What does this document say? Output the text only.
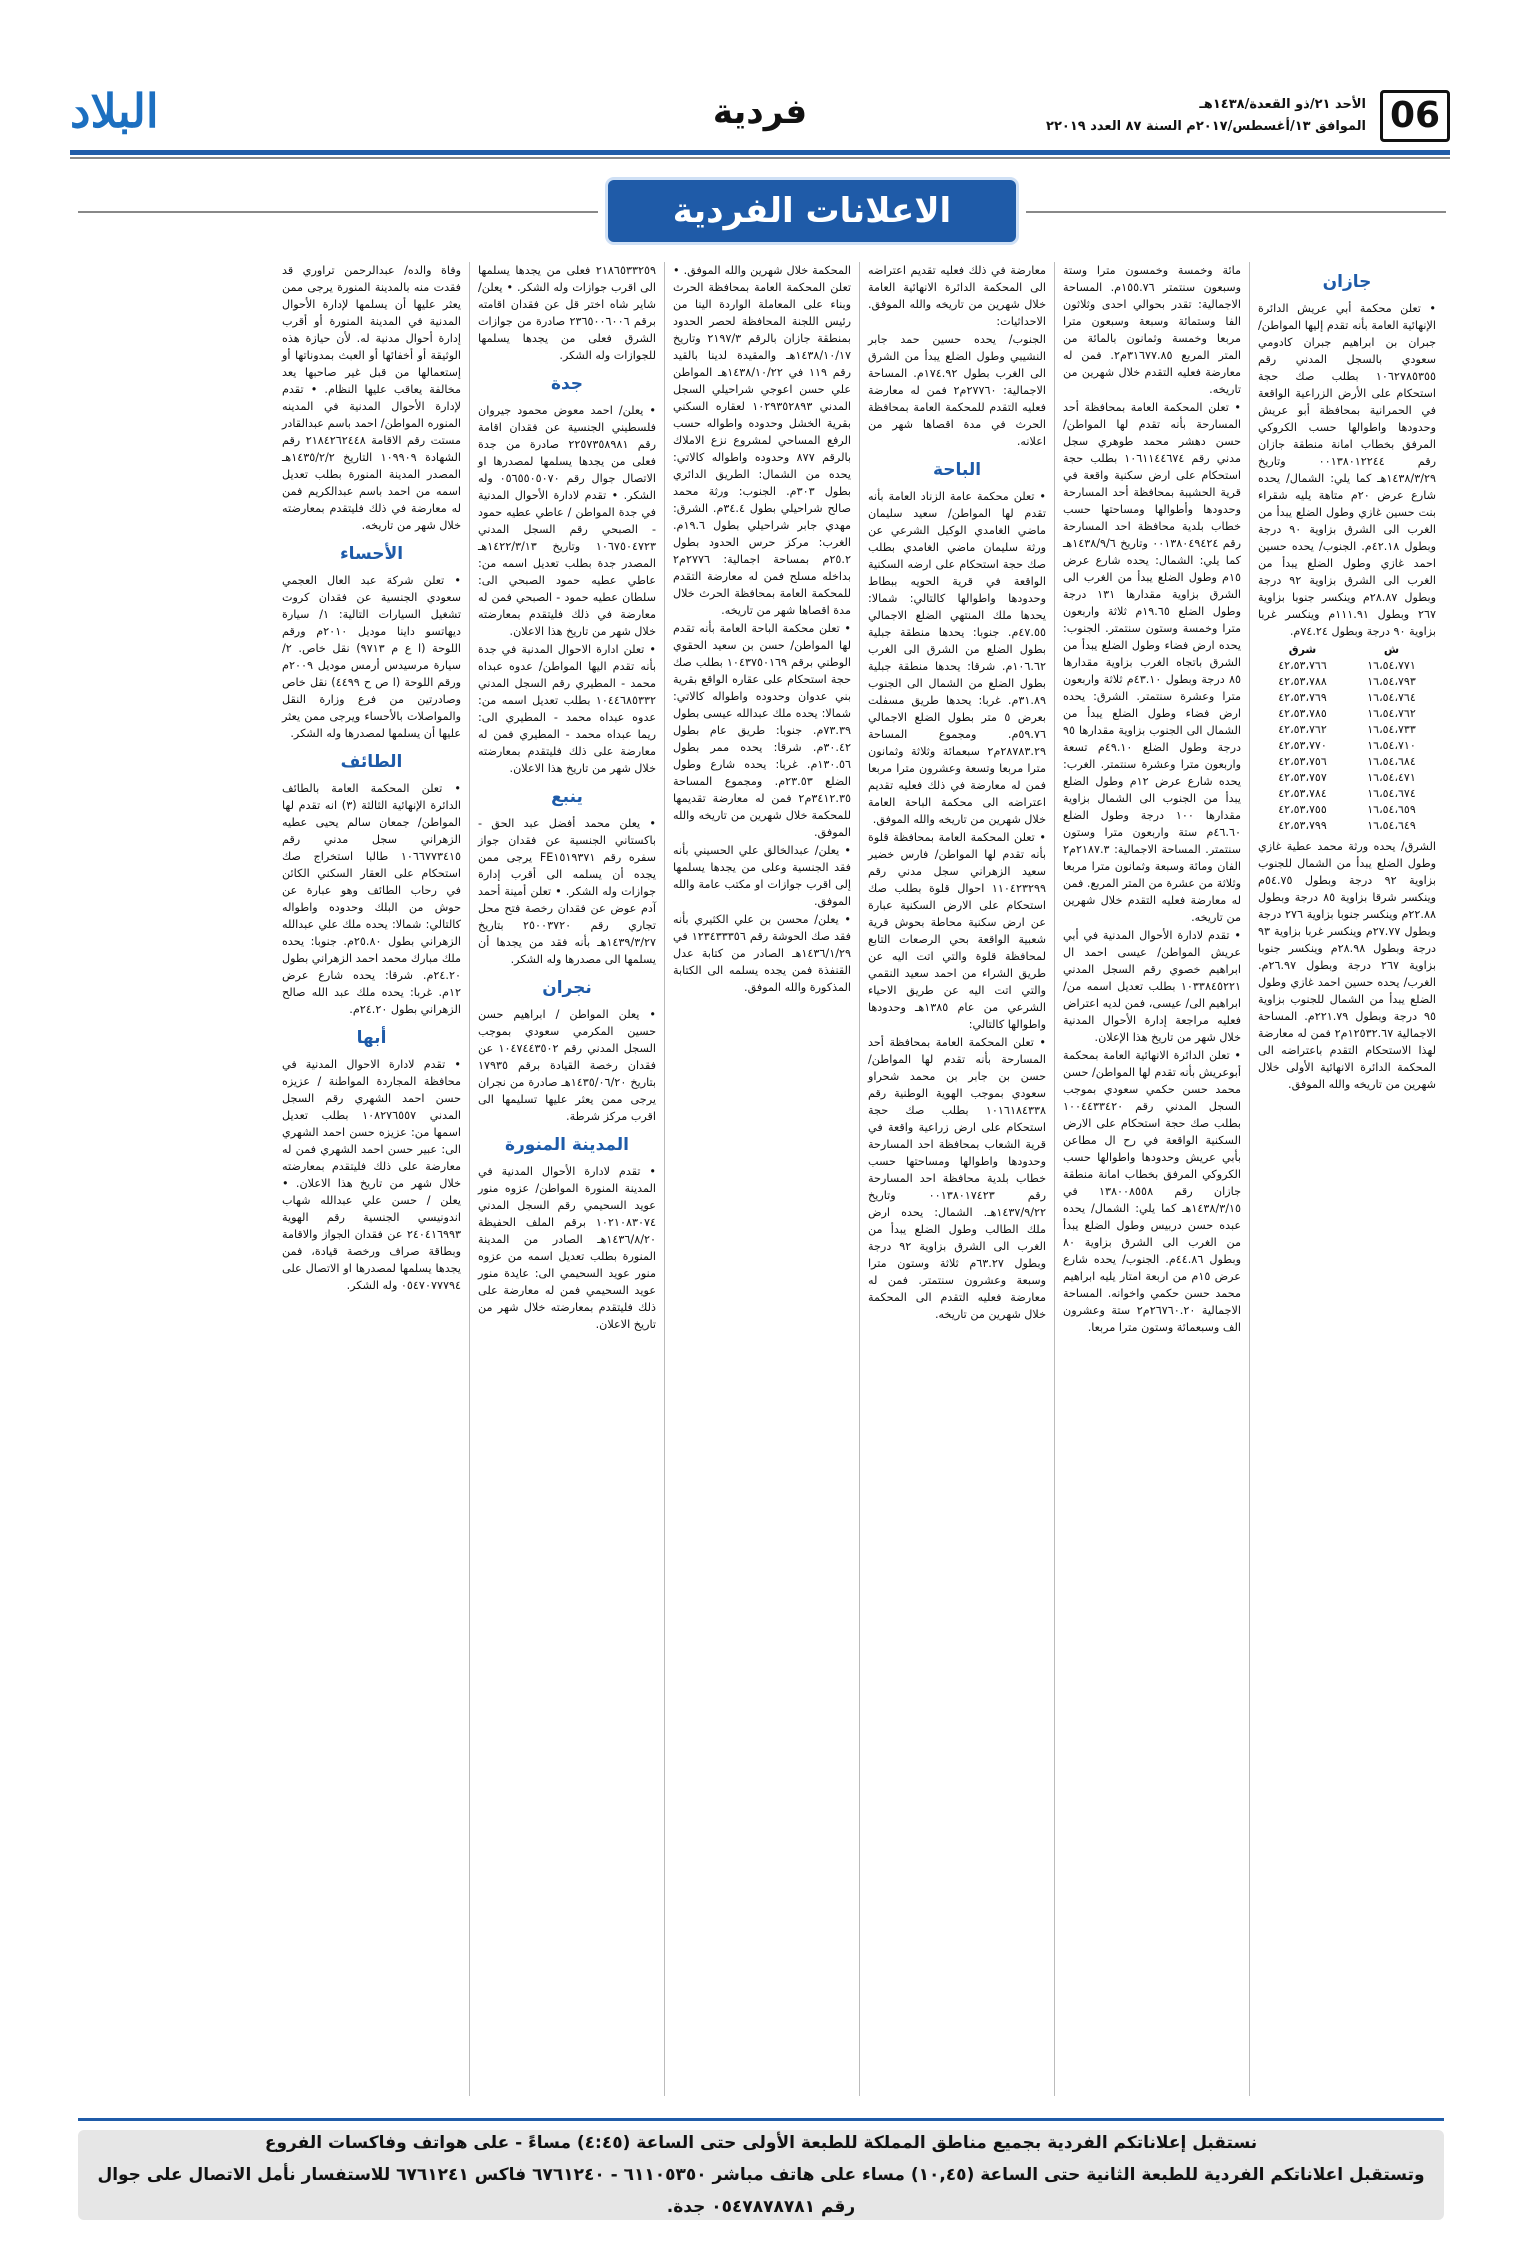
06
الأحد ٢١/ذو القعدة/١٤٣٨هـ
الموافق ١٣/أغسطس/٢٠١٧م السنة ٨٧ العدد ٢٢٠١٩
فردية
البلاد
الاعلانات الفردية
جازان

• تعلن محكمة أبي عريش الدائرة الإنهائية العامة بأنه تقدم إليها المواطن/ جبران بن ابراهيم جبران كادومي سعودي بالسجل المدني رقم ١٠٦٢٧٨٥٣٥٥ بطلب صك حجة استحكام على الأرض الزراعية الواقعة في الحمرانية بمحافظة أبو عريش وحدودها واطوالها حسب الكروكي المرفق بخطاب امانة منطقة جازان رقم ٠٠١٣٨٠١٢٢٤٤ وتاريخ ١٤٣٨/٣/٢٩هـ كما يلي: الشمال/ يحده شارع عرض ٢٠م متاهة يليه شقراء بنت حسين غازي وطول الضلع يبدأ من الغرب الى الشرق بزاوية ٩٠ درجة وبطول ٤٢.١٨م. الجنوب/ يحده حسين احمد غازي وطول الضلع يبدأ من الغرب الى الشرق بزاوية ٩٢ درجة وبطول ٢٨.٨٧م وينكسر جنوبا بزاوية ٢٦٧ وبطول ١١١.٩١م وينكسر غربا بزاوية ٩٠ درجة وبطول ٧٤.٢٤م.

شرق	ش
٤٢،٥٣،٧٦٦	١٦،٥٤،٧٧١
٤٢،٥٣،٧٨٨	١٦،٥٤،٧٩٣
٤٢،٥٣،٧٦٩	١٦،٥٤،٧٦٤
٤٢،٥٣،٧٨٥	١٦،٥٤،٧٦٢
٤٢،٥٣،٧٦٢	١٦،٥٤،٧٣٣
٤٢،٥٣،٧٧٠	١٦،٥٤،٧١٠
٤٢،٥٣،٧٥٦	١٦،٥٤،٦٨٤
٤٢،٥٣،٧٥٧	١٦،٥٤،٤٧١
٤٢،٥٣،٧٨٤	١٦،٥٤،٦٧٤
٤٢،٥٣،٧٥٥	١٦،٥٤،٦٥٩
٤٢،٥٣،٧٩٩	١٦،٥٤،٦٤٩

الشرق/ يحده ورثة محمد عطية غازي وطول الضلع يبدأ من الشمال للجنوب بزاوية ٩٢ درجة وبطول ٥٤.٧٥م وينكسر شرقا بزاوية ٨٥ درجة وبطول ٢٢.٨٨م وينكسر جنوبا بزاوية ٢٧٦ درجة وبطول ٢٧.٧٧م وينكسر غربا بزاوية ٩٣ درجة وبطول ٢٨.٩٨م وينكسر جنوبا بزاوية ٢٦٧ درجة وبطول ٢٦.٩٧م. الغرب/ يحده حسين احمد غازي وطول الضلع يبدأ من الشمال للجنوب بزاوية ٩٥ درجة وبطول ٢٢١.٧٩م. المساحة الاجمالية ١٢٥٣٢.٦٧م٢ فمن له معارضة لهذا الاستحكام التقدم باعتراضه الى المحكمة الدائرة الانهائية الأولى خلال شهرين من تاريخه والله الموفق.

مائة وخمسة وخمسون مترا وستة وسبعون سنتمتر ١٥٥.٧٦م. المساحة الاجمالية: تقدر بحوالي احدى وثلاثون الفا وستمائة وسبعة وسبعون مترا مربعا وخمسة وثمانون بالمائة من المتر المربع ٣١٦٧٧.٨٥م٢. فمن له معارضة فعليه التقدم خلال شهرين من تاريخه.

• تعلن المحكمة العامة بمحافظة أحد المسارحة بأنه تقدم لها المواطن/ حسن دهشر محمد طوهري سجل مدني رقم ١٠٦١١٤٤٦٧٤ بطلب حجة استحكام على ارض سكنية واقعة في قرية الحشيبة بمحافظة أحد المسارحة وحدودها وأطوالها ومساحتها حسب خطاب بلدية محافظة احد المسارحة رقم ٠٠١٣٨٠٤٩٤٢٤ وتاريخ ١٤٣٨/٩/٦هـ كما يلي: الشمال: يحده شارع عرض ١٥م وطول الضلع يبدأ من الغرب الى الشرق بزاوية مقدارها ١٣١ درجة وطول الضلع ١٩.٦٥م ثلاثة واربعون مترا وخمسة وستون سنتمتر. الجنوب: يحده ارض فضاء وطول الضلع يبدأ من الشرق باتجاه الغرب بزاوية مقدارها ٨٥ درجة وبطول ٤٣.١٠م ثلاثة واربعون مترا وعشرة سنتمتر. الشرق: يحده ارض فضاء وطول الضلع يبدأ من الشمال الى الجنوب بزاوية مقدارها ٩٥ درجة وطول الضلع ٤٩.١٠م تسعة واربعون مترا وعشرة سنتمتر. الغرب: يحده شارع عرض ١٢م وطول الضلع يبدأ من الجنوب الى الشمال بزاوية مقدارها ١٠٠ درجة وطول الضلع ٤٦.٦٠م ستة واربعون مترا وستون سنتمتر. المساحة الاجمالية: ٢١٨٧.٣م٢ الفان ومائة وسبعة وثمانون مترا مربعا وثلاثة من عشرة من المتر المربع. فمن له معارضة فعليه التقدم خلال شهرين من تاريخه.

• تقدم لادارة الأحوال المدنية في أبي عريش المواطن/ عيسى احمد ال ابراهيم خصوي رقم السجل المدني ١٠٣٣٨٤٥٢٢١ بطلب تعديل اسمه من/ ابراهيم الى/ عيسى، فمن لديه اعتراض فعليه مراجعة إدارة الأحوال المدنية خلال شهر من تاريخ هذا الإعلان.

• تعلن الدائرة الانهائية العامة بمحكمة أبوعريش بأنه تقدم لها المواطن/ حسن محمد حسن حكمي سعودي بموجب السجل المدني رقم ١٠٠٤٤٣٣٤٢٠ بطلب صك حجة استحكام على الارض السكنية الواقعة في رح ال مطاعن بأبي عريش وحدودها واطوالها حسب الكروكي المرفق بخطاب امانة منطقة جازان رقم ١٣٨٠٠٨٥٥٨ في ١٤٣٨/٣/١٥هـ كما يلي: الشمال/ يحده عبده حسن دربيس وطول الضلع يبدأ من الغرب الى الشرق بزاوية ٨٠ وبطول ٤٤.٨٦م. الجنوب/ يحده شارع عرض ١٥م من اربعة امتار يليه ابراهيم محمد حسن حكمي واخوانه. المساحة الاجمالية ٢٦٧٦٠.٢٠م٢ ستة وعشرون الف وسبعمائة وستون مترا مربعا.

معارضة في ذلك فعليه تقديم اعتراضه الى المحكمة الدائرة الانهائية العامة خلال شهرين من تاريخه والله الموفق. الاحداثيات:

الجنوب/ يحده حسين حمد جابر النشيبي وطول الضلع يبدأ من الشرق الى الغرب بطول ١٧٤.٩٢م. المساحة الاجمالية: ٢٧٧٦٠م٢ فمن له معارضة فعليه التقدم للمحكمة العامة بمحافظة الحرث في مدة اقصاها شهر من اعلانه.

الباحة

• تعلن محكمة عامة الزناد العامة بأنه تقدم لها المواطن/ سعيد سليمان ماضي الغامدي الوكيل الشرعي عن ورثة سليمان ماضي الغامدي بطلب صك حجة استحكام على ارضه السكنية الواقعة في قرية الحويه ببطاط وحدودها واطوالها كالتالي: شمالا: يحدها ملك المنتهي الضلع الاجمالي ٤٧.٥٥م. جنوبا: يحدها منطقة جبلية بطول الضلع من الشرق الى الغرب ١٠٦.٦٢م. شرقا: يحدها منطقة جبلية بطول الضلع من الشمال الى الجنوب ٣١.٨٩م. غربا: يحدها طريق مسفلت بعرض ٥ متر بطول الضلع الاجمالي ٥٩.٧٦م. ومجموع المساحة ٢٨٧٨٣.٢٩م٢ سبعمائة وثلاثة وثمانون مترا مربعا وتسعة وعشرون مترا مربعا فمن له معارضة في ذلك فعليه تقديم اعتراضه الى محكمة الباحة العامة خلال شهرين من تاريخه والله الموفق.

• تعلن المحكمة العامة بمحافظة قلوة بأنه تقدم لها المواطن/ فارس خضير سعيد الزهراني سجل مدني رقم ١١٠٤٢٣٢٩٩ احوال قلوة بطلب صك استحكام على الارض السكنية عبارة عن ارض سكنية محاطة بحوش قرية شعبية الواقعة بحي الرصعات التابع لمحافظة قلوة والتي اتت اليه عن طريق الشراء من احمد سعيد النقمي والتي اتت اليه عن طريق الاحياء الشرعي من عام ١٣٨٥هـ وحدودها واطوالها كالتالي:

• تعلن المحكمة العامة بمحافظة أحد المسارحة بأنه تقدم لها المواطن/ حسن بن جابر بن محمد شحراو سعودي بموجب الهوية الوطنية رقم ١٠١٦١٨٤٣٣٨ بطلب صك حجة استحكام على ارض زراعية واقعة في قرية الشعاب بمحافظة احد المسارحة وحدودها واطوالها ومساحتها حسب خطاب بلدية محافظة احد المسارحة رقم ٠٠١٣٨٠١٧٤٢٣ وتاريخ ١٤٣٧/٩/٢٢هـ. الشمال: يحده ارض ملك الطالب وطول الضلع يبدأ من الغرب الى الشرق بزاوية ٩٢ درجة وبطول ٦٣.٢٧م ثلاثة وستون مترا وسبعة وعشرون سنتمتر. فمن له معارضة فعليه التقدم الى المحكمة خلال شهرين من تاريخه.

المحكمة خلال شهرين والله الموفق. • تعلن المحكمة العامة بمحافظة الحرث وبناء على المعاملة الواردة الينا من رئيس اللجنة المحافظة لحصر الحدود بمنطقة جازان بالرقم ٢١٩٧/٣ وتاريخ ١٤٣٨/١٠/١٧هـ والمقيدة لدينا بالقيد رقم ١١٩ في ١٤٣٨/١٠/٢٢هـ المواطن علي حسن اعوجي شراحيلي السجل المدني ١٠٢٩٣٥٢٨٩٣ لعقاره السكني بقرية الخشل وحدوده واطواله حسب الرفع المساحي لمشروع نزع الاملاك بالرقم ٨٧٧ وحدوده واطواله كالاتي: يحده من الشمال: الطريق الدائري بطول ٣٠٣م. الجنوب: ورثة محمد صالح شراحيلي بطول ٣٤.٤م. الشرق: مهدي جابر شراحيلي بطول ١٩.٦م. الغرب: مركز حرس الحدود بطول ٢٥.٢م بمساحة اجمالية: ٢٧٧٦م٢ بداخله مسلح فمن له معارضة التقدم للمحكمة العامة بمحافظة الحرث خلال مدة اقصاها شهر من تاريخه.

• تعلن محكمة الباحة العامة بأنه تقدم لها المواطن/ حسن بن سعيد الحقوي الوطني برقم ١٠٤٣٧٥٠١٦٩ بطلب صك حجة استحكام على عقاره الواقع بقرية بني عدوان وحدوده واطواله كالاتي: شمالا: يحده ملك عبدالله عيسى بطول ٧٣.٣٩م. جنوبا: طريق عام بطول ٣٠.٤٢م. شرقا: يحده ممر بطول ١٣٠.٥٦م. غربا: يحده شارع وطول الضلع ٢٣.٥٣م. ومجموع المساحة ٣٤١٢.٣٥م٢ فمن له معارضة تقديمها للمحكمة خلال شهرين من تاريخه والله الموفق.

• يعلن/ عبدالخالق علي الحسيني بأنه فقد الجنسية وعلى من يجدها يسلمها إلى اقرب جوازات او مكتب عامة والله الموفق.

• يعلن/ محسن بن علي الكثيري بأنه فقد صك الحوشة رقم ١٢٣٤٣٣٣٥٦ في ١٤٣٦/١/٢٩هـ الصادر من كتابة عدل القنفذة فمن يجده يسلمه الى الكتابة المذكورة والله الموفق.

٢١٨٦٥٣٣٢٥٩ فعلى من يجدها يسلمها الى اقرب جوازات وله الشكر. • يعلن/ شاير شاه اختر قل عن فقدان اقامته برقم ٢٣٦٥٠٠٦٠٠٦ صادرة من جوازات الشرق فعلى من يجدها يسلمها للجوازات وله الشكر.

جدة

• يعلن/ احمد معوض محمود جيروان فلسطيني الجنسية عن فقدان اقامة رقم ٢٢٥٧٣٥٨٩٨١ صادرة من جدة فعلى من يجدها يسلمها لمصدرها او الاتصال جوال رقم ٠٥٦٥٥٠٥٠٧٠ وله الشكر. • تقدم لادارة الأحوال المدنية في جدة المواطن / عاطي عطيه حمود - الصبحي رقم السجل المدني ١٠٦٧٥٠٤٧٢٣ وتاريخ ١٤٢٢/٣/١٣هـ المصدر جدة بطلب تعديل اسمه من: عاطي عطيه حمود الصبحي الى: سلطان عطيه حمود - الصبحي فمن له معارضة في ذلك فليتقدم بمعارضته خلال شهر من تاريخ هذا الاعلان.

• تعلن ادارة الاحوال المدنية في جدة بأنه تقدم اليها المواطن/ عدوه عبداه محمد - المطيري رقم السجل المدني ١٠٤٤٦٨٥٣٣٢ بطلب تعديل اسمه من: عدوه عبداه محمد - المطيري الى: ريما عبداه محمد - المطيري فمن له معارضة على ذلك فليتقدم بمعارضته خلال شهر من تاريخ هذا الاعلان.

ينبع

• يعلن محمد أفضل عبد الحق - باكستاني الجنسية عن فقدان جواز سفره رقم FE١٥١٩٣٧١ يرجى ممن يجده أن يسلمه الى أقرب إدارة جوازات وله الشكر. • تعلن أمينة أحمد آدم عوض عن فقدان رخصة فتح محل تجاري رقم ٢٥٠٠٣٧٢٠ بتاريخ ١٤٣٩/٣/٢٧هـ بأنه فقد من يجدها أن يسلمها الى مصدرها وله الشكر.

نجران

• يعلن المواطن / ابراهيم حسن حسين المكرمي سعودي بموجب السجل المدني رقم ١٠٤٧٤٤٣٥٠٢ عن فقدان رخصة القيادة برقم ١٧٩٣٥ بتاريخ ١٤٣٥/٠٦/٢٠هـ صادرة من نجران يرجى ممن يعثر عليها تسليمها الى اقرب مركز شرطة.

المدينة المنورة

• تقدم لادارة الأحوال المدنية في المدينة المنورة المواطن/ عزوه منور عويد السحيمي رقم السجل المدني ١٠٢١٠٨٣٠٧٤ برقم الملف الحفيظة ١٤٣٦/٨/٢٠هـ الصادر من المدينة المنورة بطلب تعديل اسمه من عزوه منور عويد السحيمي الى: عايدة منور عويد السحيمي فمن له معارضة على ذلك فليتقدم بمعارضته خلال شهر من تاريخ الاعلان.

وفاة والده/ عبدالرحمن تراوري قد فقدت منه بالمدينة المنورة يرجى ممن يعثر عليها أن يسلمها لإدارة الأحوال المدنية في المدينة المنورة أو أقرب إدارة أحوال مدنية له. لأن حيازة هذه الوثيقة أو أخفائها أو العبث بمدوناتها أو إستعمالها من قبل غير صاحبها يعد مخالفة يعاقب عليها النظام. • تقدم لإدارة الأحوال المدنية في المدينه المنوره المواطن/ احمد باسم عبدالقادر مستت رقم الاقامة ٢١٨٤٢٦٢٤٤٨ رقم الشهادة ١٠٩٩٠٩ التاريخ ١٤٣٥/٢/٢هـ المصدر المدينة المنورة بطلب تعديل اسمه من احمد باسم عبدالكريم فمن له معارضة في ذلك فليتقدم بمعارضته خلال شهر من تاريخه.

الأحساء

• تعلن شركة عبد العال العجمي سعودي الجنسية عن فقدان كروت تشغيل السيارات التالية: ١/ سيارة ديهاتسو داينا موديل ٢٠١٠م ورقم اللوحة (ا ع م ٩٧١٣) نقل خاص. ٢/ سيارة مرسيدس أرمس موديل ٢٠٠٩م ورقم اللوحة (ا ص ح ٤٤٩٩) نقل خاص وصادرتين من فرع وزارة النقل والمواصلات بالأحساء ويرجى ممن يعثر عليها أن يسلمها لمصدرها وله الشكر.

الطائف

• تعلن المحكمة العامة بالطائف الدائرة الإنهائية الثالثة (٣) انه تقدم لها المواطن/ جمعان سالم يحيى عطيه الزهراني سجل مدني رقم ١٠٦٦٧٧٣٤١٥ طالبا استخراج صك استحكام على العقار السكني الكائن في رحاب الطائف وهو عبارة عن حوش من البلك وحدوده واطواله كالتالي: شمالا: يحده ملك علي عبدالله الزهراني بطول ٢٥.٨٠م. جنوبا: يحده ملك مبارك محمد احمد الزهراني بطول ٢٤.٢٠م. شرقا: يحده شارع عرض ١٢م. غربا: يحده ملك عبد الله صالح الزهراني بطول ٢٤.٢٠م.

أبها

• تقدم لادارة الاحوال المدنية في محافظة المجاردة المواطنة / عزيزه حسن احمد الشهري رقم السجل المدني ١٠٨٢٧٦٥٥٧ بطلب تعديل اسمها من: عزيزه حسن احمد الشهري الى: عبير حسن احمد الشهري فمن له معارضة على ذلك فليتقدم بمعارضته خلال شهر من تاريخ هذا الاعلان. • يعلن / حسن علي عبدالله شهاب اندونيسي الجنسية رقم الهوية ٢٤٠٤١٦٩٩٣ عن فقدان الجواز والاقامة وبطاقة صراف ورخصة قيادة، فمن يجدها يسلمها لمصدرها او الاتصال على ٠٥٤٧٠٧٧٧٩٤ وله الشكر.

نستقبل إعلاناتكم الفردية بجميع مناطق المملكة للطبعة الأولى حتى الساعة (٤:٤٥) مساءً - على هواتف وفاكسات الفروع
وتستقبل اعلاناتكم الفردية للطبعة الثانية حتى الساعة (١٠,٤٥) مساء على هاتف مباشر ٦١١٠٥٣٥٠ - ٦٧٦١٢٤٠ فاكس ٦٧٦١٢٤١ للاستفسار نأمل الاتصال على جوال رقم ٠٥٤٧٨٧٨٧٨١ جدة.
